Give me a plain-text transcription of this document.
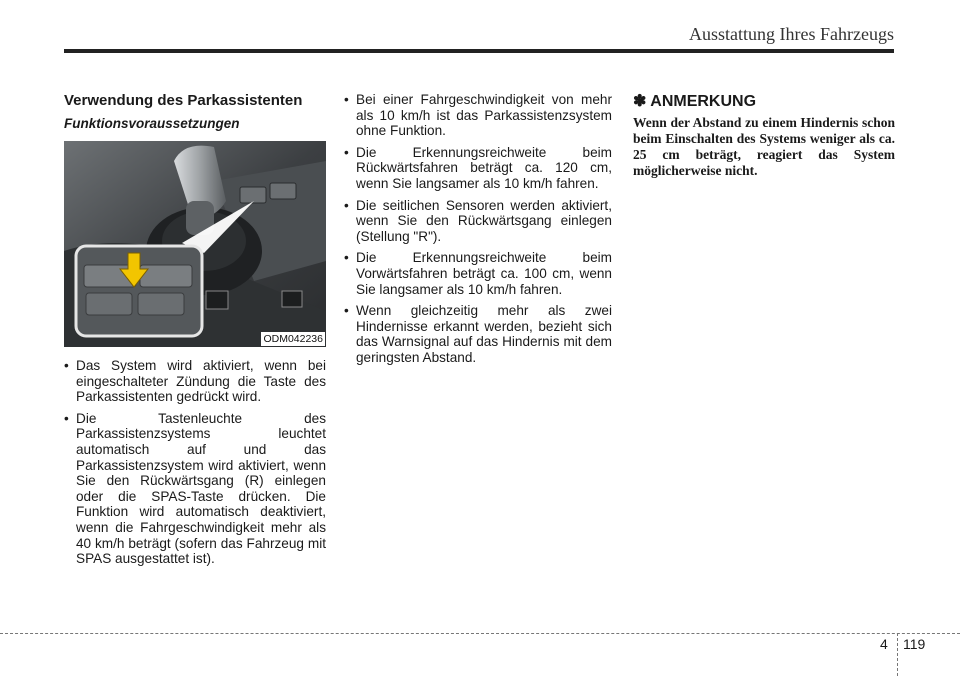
Ausstattung Ihres Fahrzeugs
Verwendung des Parkassistenten
Funktionsvoraussetzungen
ODM042236
• Das System wird aktiviert, wenn bei eingeschalteter Zündung die Taste des Parkassistenten gedrückt wird.
• Die Tastenleuchte des Parkassistenzsystems leuchtet automatisch auf und das Parkassistenzsystem wird aktiviert, wenn Sie den Rückwärtsgang (R) einlegen oder die SPAS-Taste drücken. Die Funktion wird automatisch deaktiviert, wenn die Fahrgeschwindigkeit mehr als 40 km/h beträgt (sofern das Fahrzeug mit SPAS ausgestattet ist).
• Bei einer Fahrgeschwindigkeit von mehr als 10 km/h ist das Parkassistenzsystem ohne Funktion.
• Die Erkennungsreichweite beim Rückwärtsfahren beträgt ca. 120 cm, wenn Sie langsamer als 10 km/h fahren.
• Die seitlichen Sensoren werden aktiviert, wenn Sie den Rückwärtsgang einlegen (Stellung "R").
• Die Erkennungsreichweite beim Vorwärtsfahren beträgt ca. 100 cm, wenn Sie langsamer als 10 km/h fahren.
• Wenn gleichzeitig mehr als zwei Hindernisse erkannt werden, bezieht sich das Warnsignal auf das Hindernis mit dem geringsten Abstand.
✽ ANMERKUNG
Wenn der Abstand zu einem Hindernis schon beim Einschalten des Systems weniger als ca. 25 cm beträgt, reagiert das System möglicherweise nicht.
4 119
